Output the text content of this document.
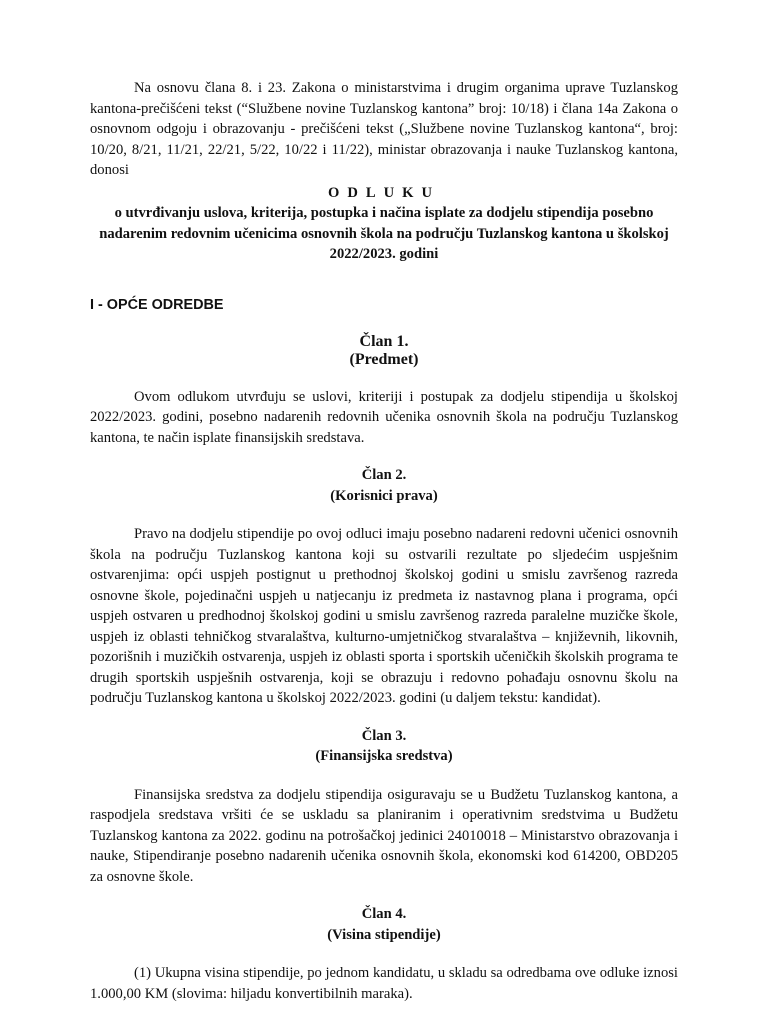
Na osnovu člana 8. i 23. Zakona o ministarstvima i drugim organima uprave Tuzlanskog kantona-prečišćeni tekst (“Službene novine Tuzlanskog kantona” broj: 10/18) i člana 14a Zakona o osnovnom odgoju i obrazovanju - prečišćeni tekst („Službene novine Tuzlanskog kantona“, broj: 10/20, 8/21, 11/21, 22/21, 5/22, 10/22 i 11/22), ministar obrazovanja i nauke Tuzlanskog kantona, donosi

ODLUKU
o utvrđivanju uslova, kriterija, postupka i načina isplate za dodjelu stipendija posebno nadarenim redovnim učenicima osnovnih škola na području Tuzlanskog kantona u školskoj 2022/2023. godini
I - OPĆE ODREDBE
Član 1.
(Predmet)

Ovom odlukom utvrđuju se uslovi, kriteriji i postupak za dodjelu stipendija u školskoj 2022/2023. godini, posebno nadarenih redovnih učenika osnovnih škola na području Tuzlanskog kantona, te način isplate finansijskih sredstava.

Član 2.
(Korisnici prava)

Pravo na dodjelu stipendije po ovoj odluci imaju posebno nadareni redovni učenici osnovnih škola na području Tuzlanskog kantona koji su ostvarili rezultate po sljedećim uspješnim ostvarenjima: opći uspjeh postignut u prethodnoj školskoj godini u smislu završenog razreda osnovne škole, pojedinačni uspjeh u natjecanju iz predmeta iz nastavnog plana i programa, opći uspjeh ostvaren u predhodnoj školskoj godini u smislu završenog razreda paralelne muzičke škole, uspjeh iz oblasti tehničkog stvaralaštva, kulturno-umjetničkog stvaralaštva – književnih, likovnih, pozorišnih i muzičkih ostvarenja, uspjeh iz oblasti sporta i sportskih učeničkih školskih programa te drugih sportskih uspješnih ostvarenja, koji se obrazuju i redovno pohađaju osnovnu školu na području Tuzlanskog kantona u školskoj 2022/2023. godini (u daljem tekstu: kandidat).

Član 3.
(Finansijska sredstva)

Finansijska sredstva za dodjelu stipendija osiguravaju se u Budžetu Tuzlanskog kantona, a raspodjela sredstava vršiti će se uskladu sa planiranim i operativnim sredstvima u Budžetu Tuzlanskog kantona za 2022. godinu na potrošačkoj jedinici 24010018 – Ministarstvo obrazovanja i nauke, Stipendiranje posebno nadarenih učenika osnovnih škola, ekonomski kod 614200, OBD205 za osnovne škole.

Član 4.
(Visina stipendije)

(1) Ukupna visina stipendije, po jednom kandidatu, u skladu sa odredbama ove odluke iznosi 1.000,00 KM (slovima: hiljadu konvertibilnih maraka).
